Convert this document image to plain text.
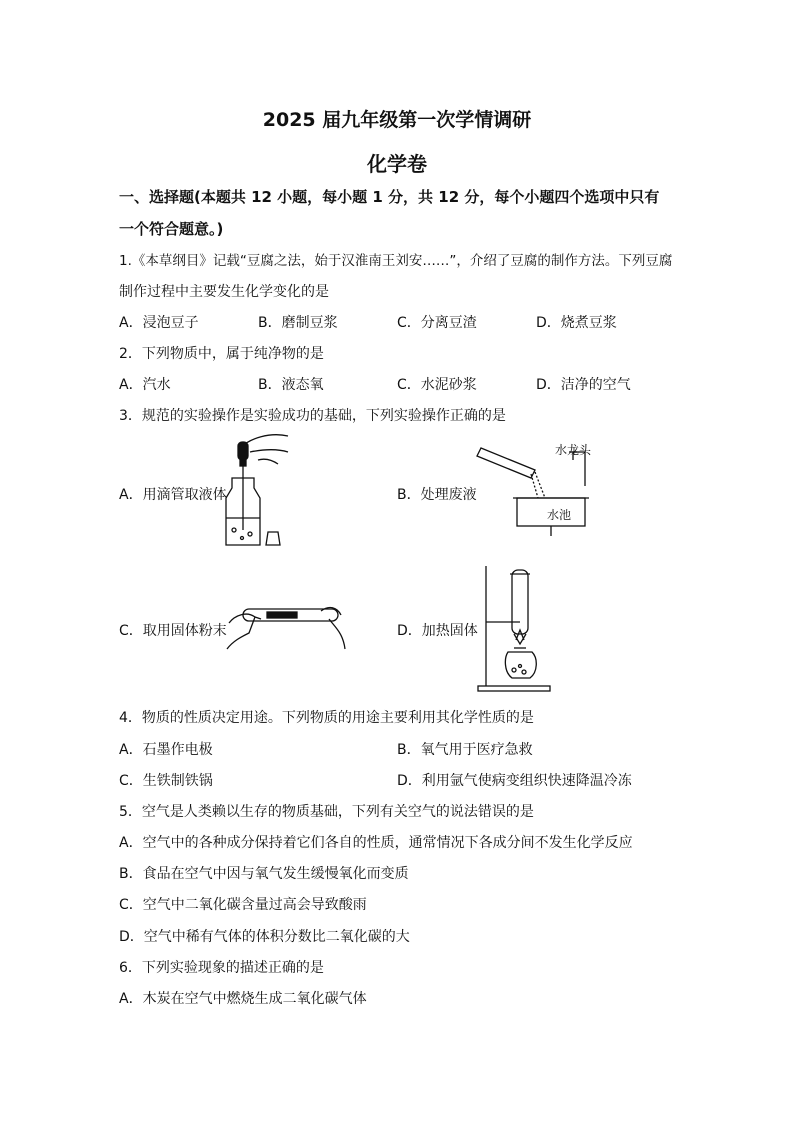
2025 届九年级第一次学情调研
化学卷
一、选择题(本题共 12 小题，每小题 1 分，共 12 分，每个小题四个选项中只有
一个符合题意。)
1.《本草纲目》记载“豆腐之法，始于汉淮南王刘安……”，介绍了豆腐的制作方法。下列豆腐
制作过程中主要发生化学变化的是
A．浸泡豆子	B．磨制豆浆	C．分离豆渣	D．烧煮豆浆
2．下列物质中，属于纯净物的是
A．汽水	B．液态氧	C．水泥砂浆	D．洁净的空气
3．规范的实验操作是实验成功的基础，下列实验操作正确的是
A．用滴管取液体	B．处理废液
C．取用固体粉末	D．加热固体
水龙头
水池
4．物质的性质决定用途。下列物质的用途主要利用其化学性质的是
A．石墨作电极	B．氧气用于医疗急救
C．生铁制铁锅	D．利用氩气使病变组织快速降温冷冻
5．空气是人类赖以生存的物质基础，下列有关空气的说法错误的是
A．空气中的各种成分保持着它们各自的性质，通常情况下各成分间不发生化学反应
B．食品在空气中因与氧气发生缓慢氧化而变质
C．空气中二氧化碳含量过高会导致酸雨
D．空气中稀有气体的体积分数比二氧化碳的大
6．下列实验现象的描述正确的是
A．木炭在空气中燃烧生成二氧化碳气体
